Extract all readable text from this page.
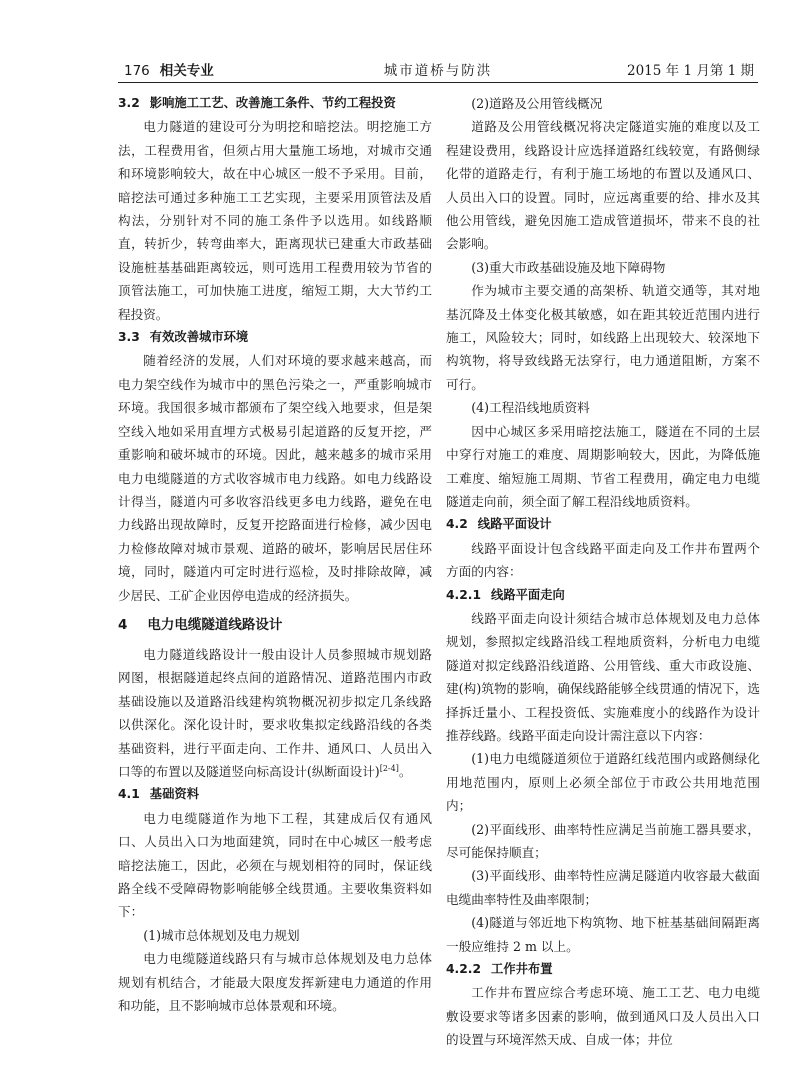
176 相关专业	城市道桥与防洪	2015 年 1 月第 1 期
3.2 影响施工工艺、改善施工条件、节约工程投资

电力隧道的建设可分为明挖和暗挖法。明挖施工方法，工程费用省，但须占用大量施工场地，对城市交通和环境影响较大，故在中心城区一般不予采用。目前，暗挖法可通过多种施工工艺实现，主要采用顶管法及盾构法，分别针对不同的施工条件予以选用。如线路顺直，转折少，转弯曲率大，距离现状已建重大市政基础设施桩基基础距离较远，则可选用工程费用较为节省的顶管法施工，可加快施工进度，缩短工期，大大节约工程投资。

3.3 有效改善城市环境

随着经济的发展，人们对环境的要求越来越高，而电力架空线作为城市中的黑色污染之一，严重影响城市环境。我国很多城市都颁布了架空线入地要求，但是架空线入地如采用直埋方式极易引起道路的反复开挖，严重影响和破坏城市的环境。因此，越来越多的城市采用电力电缆隧道的方式收容城市电力线路。如电力线路设计得当，隧道内可多收容沿线更多电力线路，避免在电力线路出现故障时，反复开挖路面进行检修，减少因电力检修故障对城市景观、道路的破坏，影响居民居住环境，同时，隧道内可定时进行巡检，及时排除故障，减少居民、工矿企业因停电造成的经济损失。

4 电力电缆隧道线路设计

电力隧道线路设计一般由设计人员参照城市规划路网图，根据隧道起终点间的道路情况、道路范围内市政基础设施以及道路沿线建构筑物概况初步拟定几条线路以供深化。深化设计时，要求收集拟定线路沿线的各类基础资料，进行平面走向、工作井、通风口、人员出入口等的布置以及隧道竖向标高设计(纵断面设计)[2-4]。

4.1 基础资料

电力电缆隧道作为地下工程，其建成后仅有通风口、人员出入口为地面建筑，同时在中心城区一般考虑暗挖法施工，因此，必须在与规划相符的同时，保证线路全线不受障碍物影响能够全线贯通。主要收集资料如下：

(1)城市总体规划及电力规划

电力电缆隧道线路只有与城市总体规划及电力总体规划有机结合，才能最大限度发挥新建电力通道的作用和功能，且不影响城市总体景观和环境。

(2)道路及公用管线概况

道路及公用管线概况将决定隧道实施的难度以及工程建设费用，线路设计应选择道路红线较宽，有路侧绿化带的道路走行，有利于施工场地的布置以及通风口、人员出入口的设置。同时，应远离重要的给、排水及其他公用管线，避免因施工造成管道损坏，带来不良的社会影响。

(3)重大市政基础设施及地下障碍物

作为城市主要交通的高架桥、轨道交通等，其对地基沉降及土体变化极其敏感，如在距其较近范围内进行施工，风险较大；同时，如线路上出现较大、较深地下构筑物，将导致线路无法穿行，电力通道阻断，方案不可行。

(4)工程沿线地质资料

因中心城区多采用暗挖法施工，隧道在不同的土层中穿行对施工的难度、周期影响较大，因此，为降低施工难度、缩短施工周期、节省工程费用，确定电力电缆隧道走向前，须全面了解工程沿线地质资料。

4.2 线路平面设计

线路平面设计包含线路平面走向及工作井布置两个方面的内容：

4.2.1 线路平面走向

线路平面走向设计须结合城市总体规划及电力总体规划，参照拟定线路沿线工程地质资料，分析电力电缆隧道对拟定线路沿线道路、公用管线、重大市政设施、建(构)筑物的影响，确保线路能够全线贯通的情况下，选择拆迁量小、工程投资低、实施难度小的线路作为设计推荐线路。线路平面走向设计需注意以下内容：

(1)电力电缆隧道须位于道路红线范围内或路侧绿化用地范围内，原则上必须全部位于市政公共用地范围内；

(2)平面线形、曲率特性应满足当前施工器具要求，尽可能保持顺直；

(3)平面线形、曲率特性应满足隧道内收容最大截面电缆曲率特性及曲率限制；

(4)隧道与邻近地下构筑物、地下桩基基础间隔距离一般应维持 2 m 以上。

4.2.2 工作井布置

工作井布置应综合考虑环境、施工工艺、电力电缆敷设要求等诸多因素的影响，做到通风口及人员出入口的设置与环境浑然天成、自成一体；井位
